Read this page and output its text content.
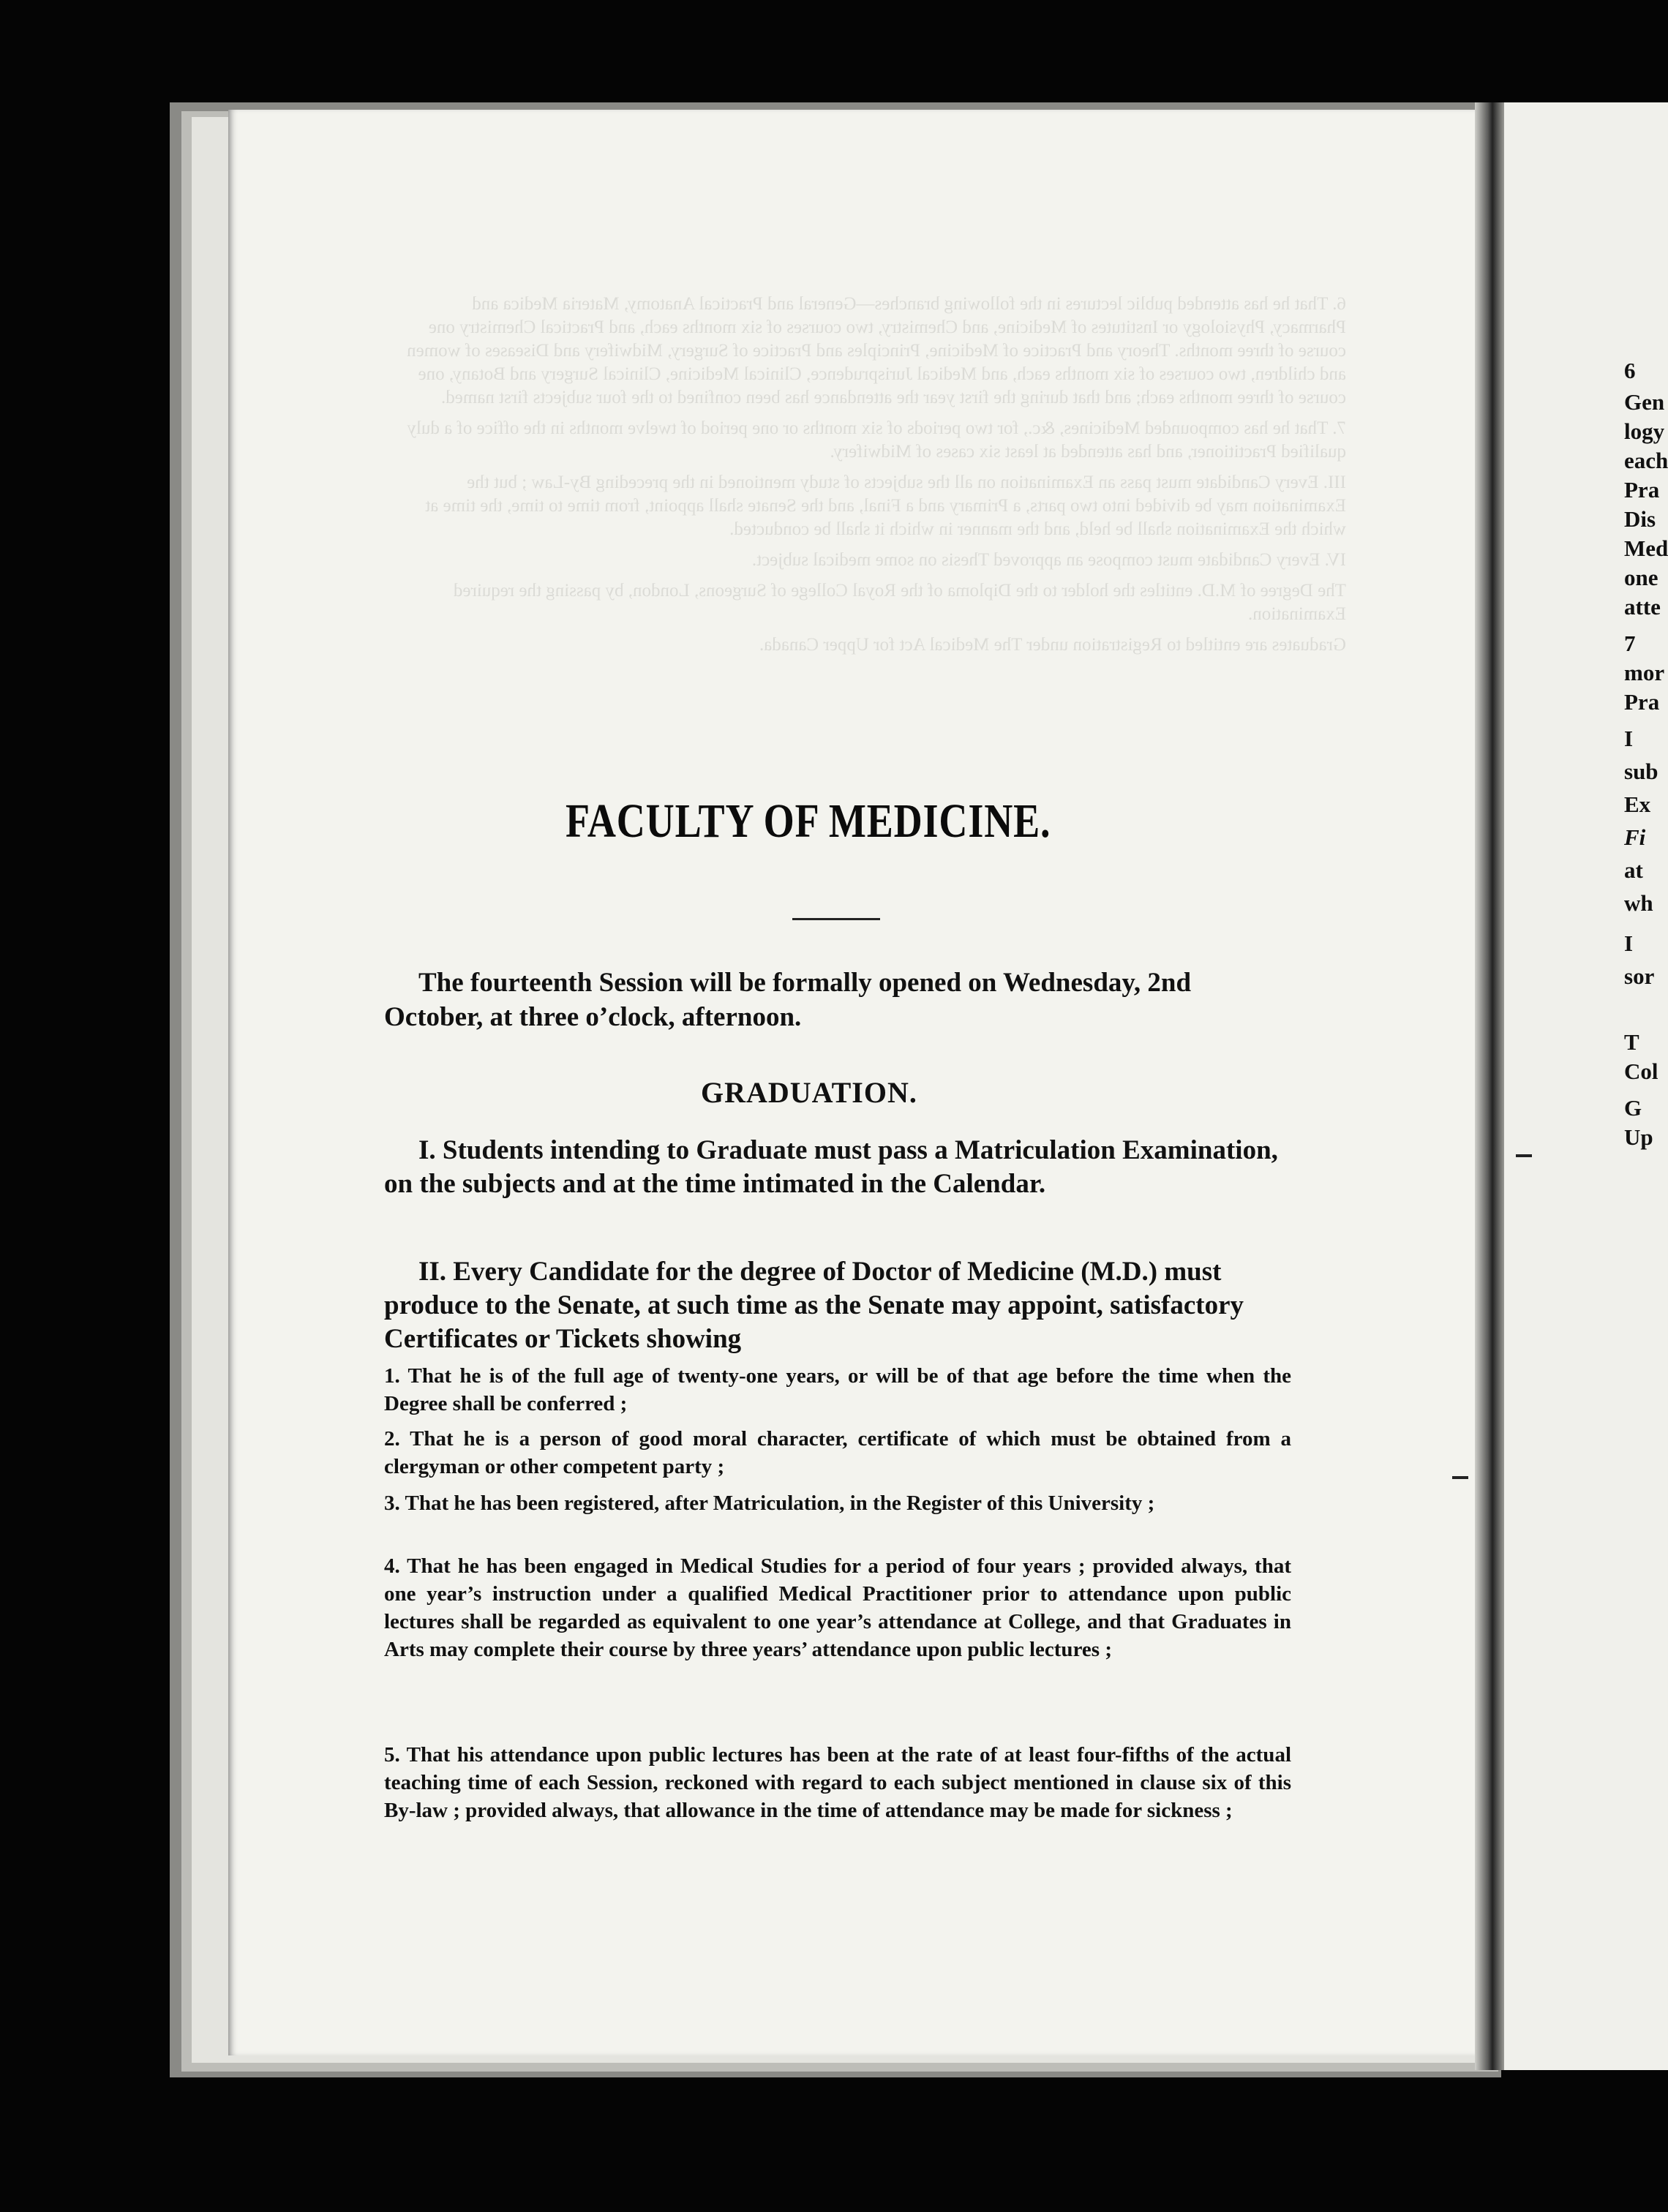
6. That he has attended public lectures in the following branches—General and Practical Anatomy, Materia Medica and Pharmacy, Physiology or Institutes of Medicine, and Chemistry, two courses of six months each, and Practical Chemistry one course of three months. Theory and Practice of Medicine, Principles and Practice of Surgery, Midwifery and Diseases of women and children, two courses of six months each, and Medical Jurisprudence, Clinical Medicine, Clinical Surgery and Botany, one course of three months each; and that during the first year the attendance has been confined to the four subjects first named.

7. That he has compounded Medicines, &c., for two periods of six months or one period of twelve months in the office of a duly qualified Practitioner, and has attended at least six cases of Midwifery.

III. Every Candidate must pass an Examination on all the subjects of study mentioned in the preceding By-Law ; but the Examination may be divided into two parts, a Primary and a Final, and the Senate shall appoint, from time to time, the time at which the Examination shall be held, and the manner in which it shall be conducted.

IV. Every Candidate must compose an approved Thesis on some medical subject.

The Degree of M.D. entitles the holder to the Diploma of the Royal College of Surgeons, London, by passing the required Examination.

Graduates are entitled to Registration under The Medical Act for Upper Canada.

FACULTY OF MEDICINE.
The fourteenth Session will be formally opened on Wednesday, 2nd October, at three o’clock, afternoon.
GRADUATION.
I. Students intending to Graduate must pass a Matriculation Examination, on the subjects and at the time intimated in the Calendar.
II. Every Candidate for the degree of Doctor of Medicine (M.D.) must produce to the Senate, at such time as the Senate may appoint, satisfactory Certificates or Tickets showing
1. That he is of the full age of twenty-one years, or will be of that age before the time when the Degree shall be conferred ;
2. That he is a person of good moral character, certificate of which must be obtained from a clergyman or other competent party ;
3. That he has been registered, after Matriculation, in the Register of this University ;
4. That he has been engaged in Medical Studies for a period of four years ; provided always, that one year’s instruction under a qualified Medical Practitioner prior to attendance upon public lectures shall be regarded as equivalent to one year’s attendance at College, and that Graduates in Arts may complete their course by three years’ attendance upon public lectures ;
5. That his attendance upon public lectures has been at the rate of at least four-fifths of the actual teaching time of each Session, reckoned with regard to each subject mentioned in clause six of this By-law ; provided always, that allowance in the time of attendance may be made for sickness ;
6
Gen
logy
each
Pra
Dis
Med
one
atte
7
mor
Pra
I
sub
Ex
Fi
at
wh
I
sor
T
Col
G
Up
